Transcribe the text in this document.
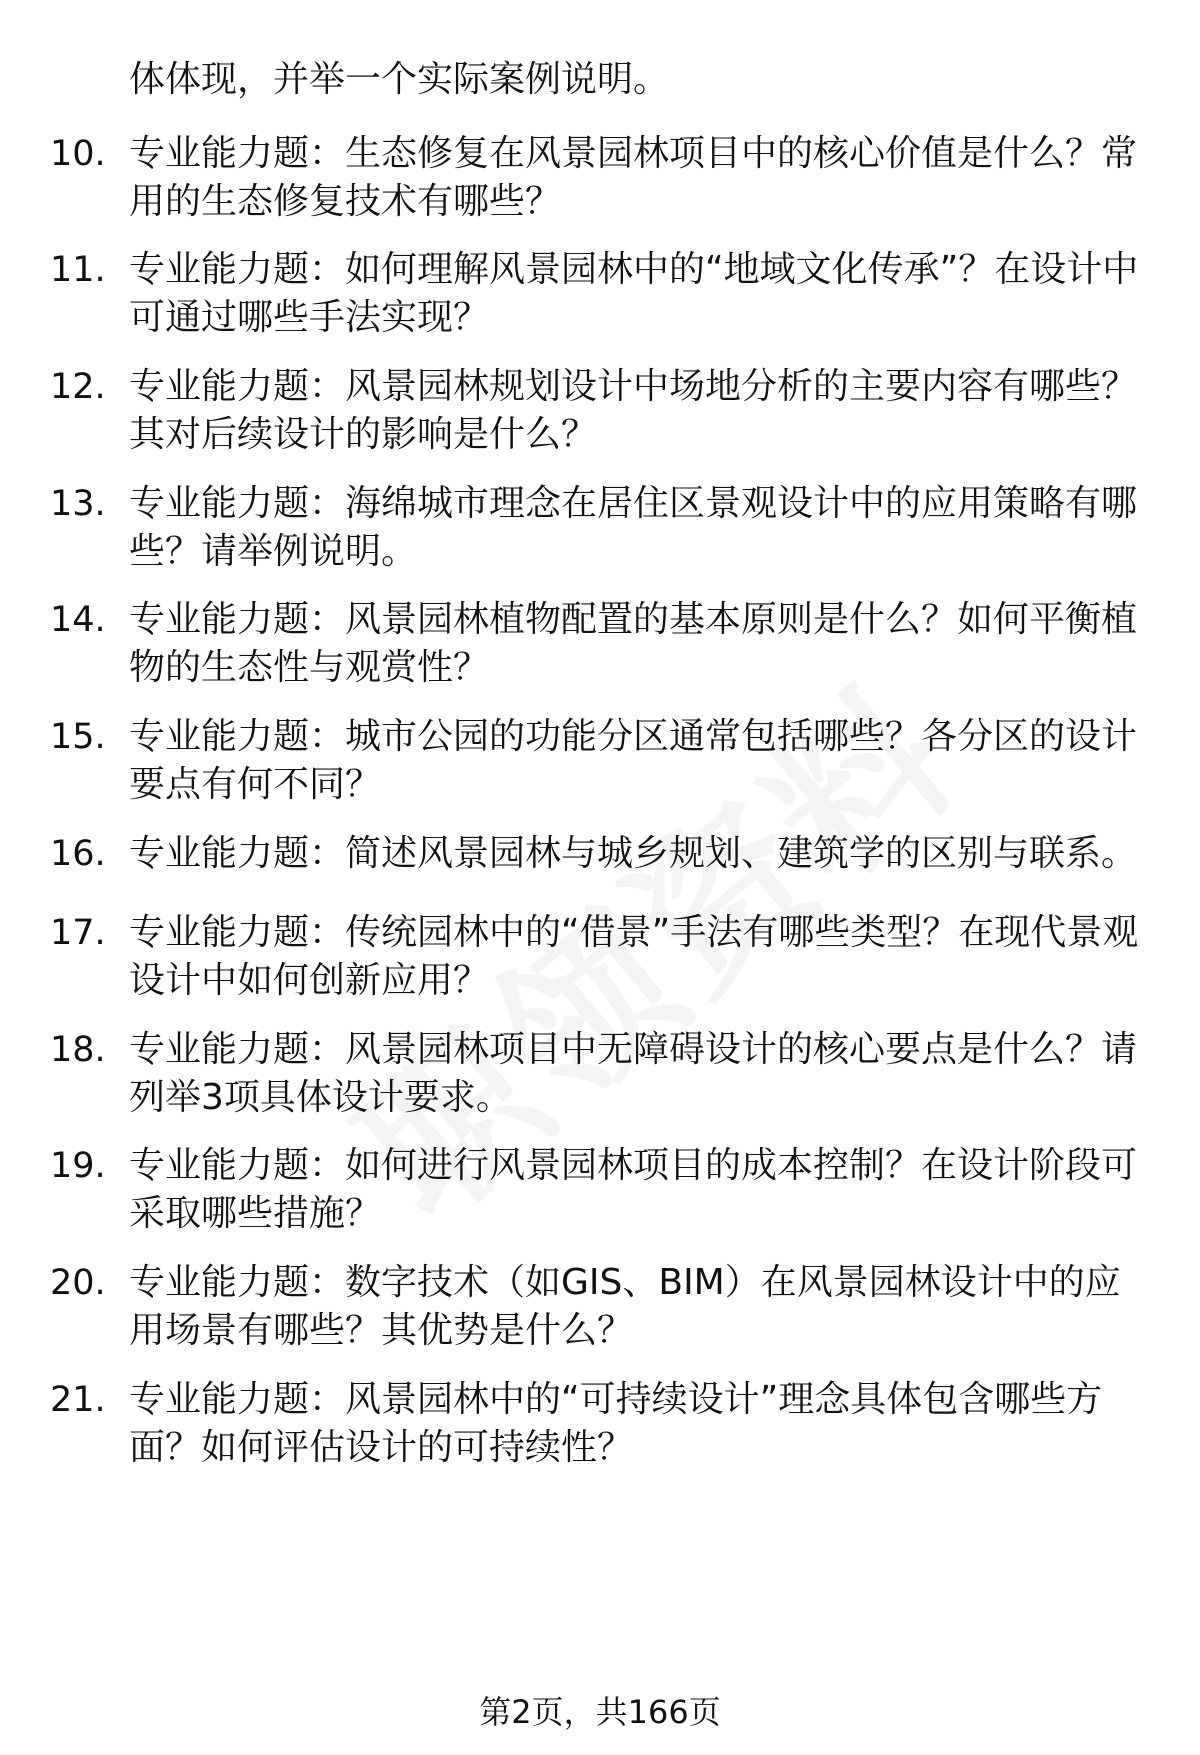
体体现，并举一个实际案例说明。
10. 专业能力题：生态修复在风景园林项目中的核心价值是什么？常用的生态修复技术有哪些？
11. 专业能力题：如何理解风景园林中的“地域文化传承”？在设计中可通过哪些手法实现？
12. 专业能力题：风景园林规划设计中场地分析的主要内容有哪些？其对后续设计的影响是什么？
13. 专业能力题：海绵城市理念在居住区景观设计中的应用策略有哪些？请举例说明。
14. 专业能力题：风景园林植物配置的基本原则是什么？如何平衡植物的生态性与观赏性？
15. 专业能力题：城市公园的功能分区通常包括哪些？各分区的设计要点有何不同？
16. 专业能力题：简述风景园林与城乡规划、建筑学的区别与联系。
17. 专业能力题：传统园林中的“借景”手法有哪些类型？在现代景观设计中如何创新应用？
18. 专业能力题：风景园林项目中无障碍设计的核心要点是什么？请列举3项具体设计要求。
19. 专业能力题：如何进行风景园林项目的成本控制？在设计阶段可采取哪些措施？
20. 专业能力题：数字技术（如GIS、BIM）在风景园林设计中的应用场景有哪些？其优势是什么？
21. 专业能力题：风景园林中的“可持续设计”理念具体包含哪些方面？如何评估设计的可持续性？
第2页，共166页
